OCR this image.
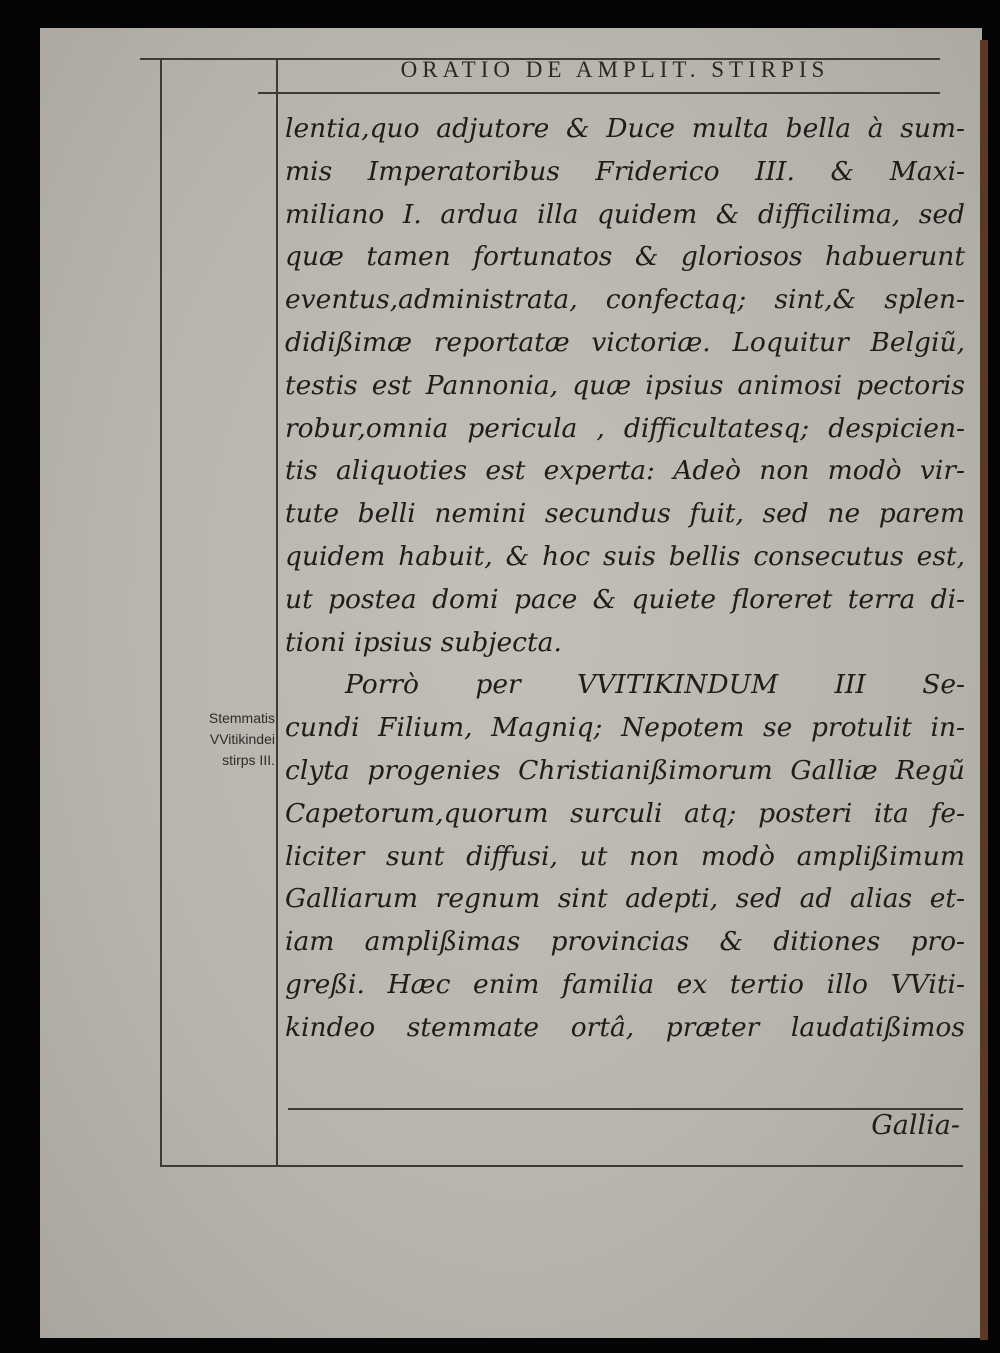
ORATIO DE AMPLIT. STIRPIS
Stemmatis
VVitikindei
stirps III.
lentia,quo adjutore & Duce multa bella à sum-
mis Imperatoribus Friderico III. & Maxi-
miliano I. ardua illa quidem & difficilima, sed
quæ tamen fortunatos & gloriosos habuerunt
eventus,administrata, confectaq; sint,& splen-
didißimæ reportatæ victoriæ. Loquitur Belgiũ,
testis est Pannonia, quæ ipsius animosi pectoris
robur,omnia pericula , difficultatesq; despicien-
tis aliquoties est experta: Adeò non modò vir-
tute belli nemini secundus fuit, sed ne parem
quidem habuit, & hoc suis bellis consecutus est,
ut postea domi pace & quiete floreret terra di-
tioni ipsius subjecta.
Porrò per VVITIKINDUM III Se-
cundi Filium, Magniq; Nepotem se protulit in-
clyta progenies Christianißimorum Galliæ Regũ
Capetorum,quorum surculi atq; posteri ita fe-
liciter sunt diffusi, ut non modò amplißimum
Galliarum regnum sint adepti, sed ad alias et-
iam amplißimas provincias & ditiones pro-
greßi. Hæc enim familia ex tertio illo VViti-
kindeo stemmate ortâ, præter laudatißimos
Gallia-
